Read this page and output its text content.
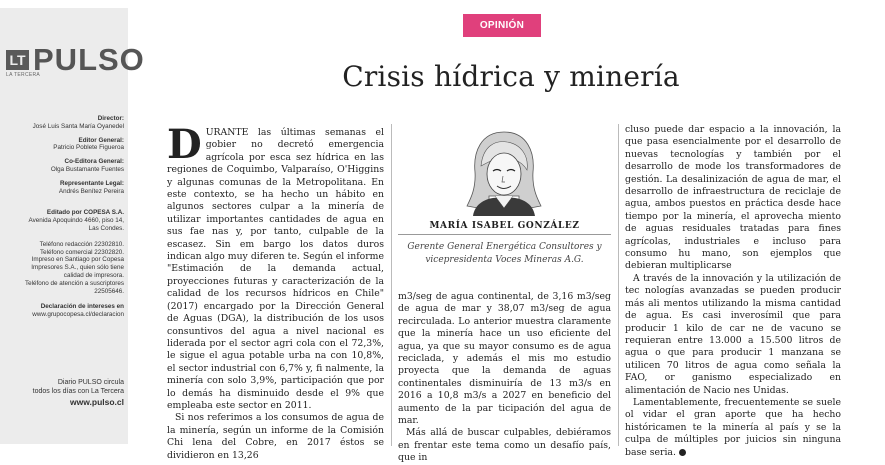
LT PULSO
LA TERCERA
Director:
José Luis Santa María Oyanedel
Editor General:
Patricio Poblete Figueroa
Co-Editora General:
Olga Bustamante Fuentes
Representante Legal:
Andrés Benítez Pereira
Editado por COPESA S.A.
Avenida Apoquindo 4660, piso 14,
Las Condes.
Teléfono redacción 22302810.
Teléfono comercial 22302820.
Impreso en Santiago por Copesa
Impresores S.A., quien sólo tiene
calidad de impresora.
Teléfono de atención a suscriptores
22505646.
Declaración de intereses en
www.grupocopesa.cl/declaracion
Diario PULSO circula
todos los días con La Tercera
www.pulso.cl
OPINIÓN
Crisis hídrica y minería

DURANTE las últimas semanas el gobier no decretó emergencia agrícola por esca sez hídrica en las regiones de Coquimbo, Valparaíso, O'Higgins y algunas comunas de la Metropolitana. En este contexto, se ha hecho un hábito en algunos sectores culpar a la minería de utilizar importantes cantidades de agua en sus fae nas y, por tanto, culpable de la escasez. Sin em bargo los datos duros indican algo muy diferen te. Según el informe "Estimación de la demanda actual, proyecciones futuras y caracterización de la calidad de los recursos hídricos en Chile" (2017) encargado por la Dirección General de Aguas (DGA), la distribución de los usos consuntivos del agua a nivel nacional es liderada por el sector agri cola con el 72,3%, le sigue el agua potable urba na con 10,8%, el sector industrial con 6,7% y, fi nalmente, la minería con solo 3,9%, participación que por lo demás ha disminuido desde el 9% que empleaba este sector en 2011.

Si nos referimos a los consumos de agua de la minería, según un informe de la Comisión Chi lena del Cobre, en 2017 éstos se dividieron en 13,26

MARÍA ISABEL GONZÁLEZ
Gerente General Energética Consultores y
vicepresidenta Voces Mineras A.G.

m3/seg de agua continental, de 3,16 m3/seg de agua de mar y 38,07 m3/seg de agua recirculada. Lo anterior muestra claramente que la minería hace un uso eficiente del agua, ya que su mayor consumo es de agua reciclada, y además el mis mo estudio proyecta que la demanda de aguas continentales disminuiría de 13 m3/s en 2016 a 10,8 m3/s a 2027 en beneficio del aumento de la par ticipación del agua de mar.

Más allá de buscar culpables, debiéramos en frentar este tema como un desafío país, que in

cluso puede dar espacio a la innovación, la que pasa esencialmente por el desarrollo de nuevas tecnologías y también por el desarrollo de mode los transformadores de gestión. La desalinización de agua de mar, el desarrollo de infraestructura de reciclaje de agua, ambos puestos en práctica desde hace tiempo por la minería, el aprovecha miento de aguas residuales tratadas para fines agrícolas, industriales e incluso para consumo hu mano, son ejemplos que debieran multiplicarse

A través de la innovación y la utilización de tec nologías avanzadas se pueden producir más ali mentos utilizando la misma cantidad de agua. Es casi inverosímil que para producir 1 kilo de car ne de vacuno se requieran entre 13.000 a 15.500 litros de agua o que para producir 1 manzana se utilicen 70 litros de agua como señala la FAO, or ganismo especializado en alimentación de Nacio nes Unidas.

Lamentablemente, frecuentemente se suele ol vidar el gran aporte que ha hecho históricamen te la minería al país y se la culpa de múltiples por juicios sin ninguna base seria.
